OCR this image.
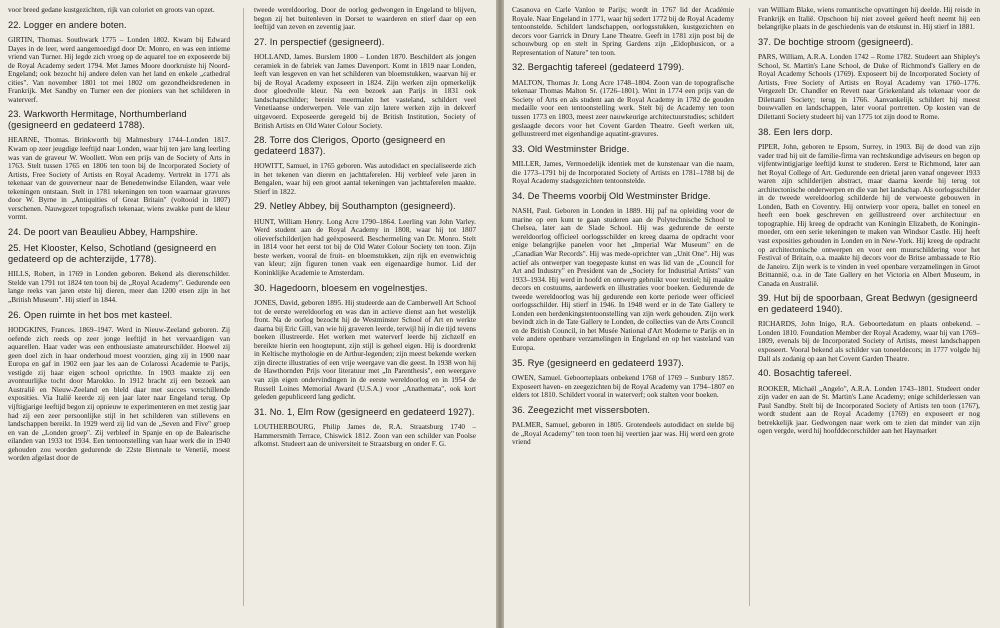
voor breed gedane kustgezichten, rijk van coloriet en groots van opzet.

22. Logger en andere boten.

GIRTIN, Thomas. Southwark 1775 – Londen 1802. Kwam bij Edward Dayes in de leer, werd aangemoedigd door Dr. Monro, en was een intieme vriend van Turner. Hij legde zich vroeg op de aquarel toe en exposeerde bij de Royal Academy sedert 1794. Met James Moore doorkruiste hij Noord-Engeland; ook bezocht hij andere delen van het land en enkele „cathedral cities". Van november 1801 tot mei 1802 om gezondheidsredenen in Frankrijk. Met Sandby en Turner een der pioniers van het schilderen in waterverf.

23. Warkworth Hermitage, Northumberland (gesigneerd en gedateerd 1788).

HEARNE, Thomas. Brinkworth bij Malmesbury 1744–Londen 1817. Kwam op zeer jeugdige leeftijd naar Londen, waar hij ten jare lang leerling was van de graveur W. Woollett. Won een prijs van de Society of Arts in 1763. Stelt tussen 1765 en 1806 ten toon bij de Incorporated Society of Artists, Free Society of Artists en Royal Academy. Vertrekt in 1771 als tekenaar van de gouverneur naar de Benedenwindse Eilanden, waar vele tekeningen ontstaan. Stelt in 1781 tekeningen ten toon waarnaar gravures door W. Byrne in „Antiquities of Great Britain" (voltooid in 1807) verschenen. Nauwgezet topografisch tekenaar, wiens zwakke punt de kleur vormt.

24. De poort van Beaulieu Abbey, Hampshire.
25. Het Klooster, Kelso, Schotland (gesigneerd en gedateerd op de achterzijde, 1778).

HILLS, Robert, in 1769 in Londen geboren. Bekend als dierenschilder. Stelde van 1791 tot 1824 ten toon bij de „Royal Academy". Gedurende een lange reeks van jaren etste hij dieren, meer dan 1200 etsen zijn in het „British Museum". Hij stierf in 1844.

26. Open ruimte in het bos met kasteel.

HODGKINS, Frances. 1869–1947. Werd in Nieuw-Zeeland geboren. Zij oefende zich reeds op zeer jonge leeftijd in het vervaardigen van aquarellen. Haar vader was een enthousiaste amateurschilder. Hoewel zij geen doel zich in haar onderhoud moest voorzien, ging zij in 1900 naar Europa en gaf in 1902 een jaar les aan de Colarossi Academie te Parijs, vestigde zij haar eigen school opricthte. In 1903 maakte zij een avontuurlijke tocht door Marokko. In 1912 bracht zij een bezoek aan Australië en Nieuw-Zeeland en bleld daar met succes verschillende exposities. Via Italië keerde zij een jaar later naar Engeland terug. Op vijftigjarige leeftijd begon zij opnieuw te experimenteren en met zestig jaar had zij een zeer persoonlijke stijl in het schilderen van stillevens en landschappen bereikt. In 1929 werd zij lid van de „Seven and Five" groep en van de „Londen groep". Zij verbleef in Spanje en op de Balearische eilanden van 1933 tot 1934. Een tentoonstelling van haar werk die in 1940 gehouden zou worden gedurende de 22ste Biennale te Venetië, moest worden afgelast door de

tweede wereldoorlog. Door de oorlog gedwongen in Engeland te blijven, begon zij het buitenleven in Dorset te waarderen en stierf daar op een leeftijd van zeven en zeventig jaar.

27. In perspectief (gesigneerd).

HOLLAND, James. Burslem 1800 – Londen 1870. Beschildert als jongen ceramiek in de fabriek van James Davenport. Komt in 1819 naar Londen, leeft van lesgeven en van het schilderen van bloemstukken, waarvan hij er bij de Royal Academy exposeert in 1824. Zijn werken zijn opmerkelijk door gloedvolle kleur. Na een bezoek aan Parijs in 1831 ook landschapschilder; bereist meermalen het vasteland, schildert veel Venetiaanse onderwerpen. Vele van zijn latere werken zijn in dekverf uitgevoerd. Exposeerde geregeld bij de British Institution, Society of British Artists en Old Water Colour Society.

28. Torre dos Clerigos, Oporto (gesigneerd en gedateerd 1837).

HOWITT, Samuel, in 1765 geboren. Was autodidact en specialiseerde zich in het tekenen van dieren en jachttaferelen. Hij verbleef vele jaren in Bengalen, waar hij een groot aantal tekeningen van jachttaferelen maakte. Stierf in 1822.

29. Netley Abbey, bij Southampton (gesigneerd).

HUNT, William Henry. Long Acre 1790–1864. Leerling van John Varley. Werd student aan de Royal Academy in 1808, waar hij tot 1807 olieverfschilderijen had geëxposeerd. Beschermeling van Dr. Monro. Stelt in 1814 voor het eerst tot bij de Old Water Colour Society ten toon. Zijn beste werken, vooral de fruit- en bloemstukken, zijn rijk en evenwichtig van kleur; zijn figuren tonen vaak een eigenaardige humor. Lid der Koninklijke Academie te Amsterdam.

30. Hagedoorn, bloesem en vogelnestjes.

JONES, David, geboren 1895. Hij studeerde aan de Camberwell Art School tot de eerste wereldoorlog en was dan in actieve dienst aan het westelijk front. Na de oorlog bezocht hij de Westminster School of Art en werkte daarna bij Eric Gill, van wie hij graveren leerde, terwijl hij in die tijd tevens boeken illustreerde. Het werken met waterverf leerde hij zichzelf en bereikte hierin een hoogtepunt, zijn stijl is geheel eigen. Hij is doordrenkt in Keltische mythologie en de Arthur-legenden; zijn meest bekende werken zijn directe illustraties of een vrije weergave van die geest. In 1938 won hij de Hawthornden Prijs voor literatuur met „In Parenthesis", een weergave van zijn eigen ondervindingen in de eerste wereldoorlog en in 1954 de Russell Loines Memorial Award (U.S.A.) voor „Anathemata", ook kort geleden gepubliceerd lang gedicht.

31. No. 1, Elm Row (gesigneerd en gedateerd 1927).

LOUTHERBOURG, Philip James de, R.A. Straatsburg 1740 – Hammersmith Terrace, Chiswick 1812. Zoon van een schilder van Poolse afkomst. Studeert aan de universiteit te Straatsburg en onder F. G.

Casanova en Carle Vanloo te Parijs; wordt in 1767 lid der Académie Royale. Naar Engeland in 1771, waar hij sedert 1772 bij de Royal Academy tentoonstelde. Schildert landschappen, oorlogsstukken, kustgezichten en decors voor Garrick in Drury Lane Theatre. Geeft in 1781 zijn post bij de schouwburg op en stelt in Spring Gardens zijn „Eidophusicon, or a Representation of Nature" ten toon.

32. Bergachtig tafereel (gedateerd 1799).

MALTON, Thomas Jr. Long Acre 1748–1804. Zoon van de topografische tekenaar Thomas Malton Sr. (1726–1801). Wint in 1774 een prijs van de Society of Arts en als student aan de Royal Academy in 1782 de gouden medaille voor een tentoonstelling werk. Stelt bij de Academy ten toon tussen 1773 en 1803, meest zeer nauwkeurige architectuurstudies; schildert geslaagde decors voor het Covent Garden Theatre. Geeft werken uit, gelluustreerd met eigenhandige aquatint-gravures.

33. Old Westminster Bridge.

MILLER, James, Vermoedelijk identiek met de kunstenaar van die naam, die 1773–1791 bij de Incorporated Society of Artists en 1781–1788 bij de Royal Academy stadsgezichten tentoonstelde.

34. De Theems voorbij Old Westminster Bridge.

NASH, Paul. Geboren in Londen in 1889. Hij paf na opleiding voor de marine op een kunt te gaan studeren aan de Polytechnische School te Chelsea, later aan de Slade School. Hij was gedurende de eerste wereldoorlog officieel oorlogsschilder en kreeg daarna de opdracht voor enige belangrijke panelen voor het „Imperial War Museum" en de „Canadian War Records". Hij was mede-oprichter van „Unit One". Hij was actief als ontwerper van toegepaste kunst en was lid van de „Council for Art and Industry" en President van de „Society for Industrial Artists" van 1933–1934. Hij werd in hoofd en ontwerp gebruikt voor textiel; hij maakte decors en costuums, aardewerk en illustraties voor boeken. Gedurende de tweede wereldoorlog was hij gedurende een korte periode weer officieel oorlogsschilder. Hij stierf in 1946. In 1948 werd er in de Tate Gallery te Londen een herdenkingstentoonstelling van zijn werk gehouden. Zijn werk bevindt zich in de Tate Gallery te Londen, de collecties van de Arts Council en de British Council, in het Musée National d'Art Moderne te Parijs en in vele andere openbare verzamelingen in Engeland en op het vasteland van Europa.

35. Rye (gesigneerd en gedateerd 1937).

OWEN, Samuel. Geboorteplaats onbekend 1768 of 1769 – Sunbury 1857. Exposeert haven- en zeegezichten bij de Royal Academy van 1794–1807 en elders tot 1810. Schildert vooral in waterverf; ook stalten voor boeken.

36. Zeegezicht met vissersboten.

PALMER, Samuel, geboren in 1805. Grotendeels autodidact en stelde bij de „Royal Academy" ten toon toen hij veertien jaar was. Hij werd een grote vriend

van William Blake, wiens romantische opvattingen hij deelde. Hij reisde in Frankrijk en Italië. Opschoon hij niet zoveel geëerd heeft neemt hij een belangrijke plaats in de geschiedenis van de etskunst in. Hij stierf in 1881.

37. De bochtige stroom (gesigneerd).

PARS, William, A.R.A. Londen 1742 – Rome 1782. Studeert aan Shipley's School, St. Martin's Lane School, de Duke of Richmond's Gallery en de Royal Academy Schools (1769). Exposeert bij de Incorporated Society of Artists, Free Society of Artists en Royal Academy van 1760–1776. Vergezelt Dr. Chandler en Revett naar Griekenland als tekenaar voor de Dilettanti Society; terug in 1766. Aanvankelijk schildert hij meest bouwvallen en landschappen, later vooral portretten. Op kosten van de Dilettanti Society studeert hij van 1775 tot zijn dood te Rome.

38. Een Iers dorp.

PIPER, John, geboren te Epsom, Surrey, in 1903. Bij de dood van zijn vader trad hij uit de familie-firma van rechtskundige adviseurs en begon op vijfentwintigjarige leeftijd kunst te studeren. Eerst te Richmond, later aan het Royal College of Art. Gedurende een drietal jaren vanaf ongeveer 1933 waren zijn schilderijen abstract, maar daarna keerde hij terug tot architectonische onderwerpen en die van het landschap. Als oorlogsschilder in de tweede wereldoorlog schilderde hij de verwoeste gebouwen in Londen, Bath en Coventry. Hij ontwierp voor opera, ballet en toneel en heeft een boek geschreven en geïllustreerd over architectuur en topographie. Hij kreeg de opdracht van Koningin Elizabeth, de Koningin-moeder, om een serie tekeningen te maken van Windsor Castle. Hij heeft vast exposities gehouden in Londen en in New-York. Hij kreeg de opdracht op architectonische ontwerpen en voor een muurschildering voor het Festival of Britain, o.a. maakte hij decors voor de Britse ambassade te Rio de Janeiro. Zijn werk is te vinden in veel openbare verzamelingen in Groot Brittannië, o.a. in de Tate Gallery en het Victoria en Albert Museum, in Canada en Australië.

39. Hut bij de spoorbaan, Great Bedwyn (gesigneerd en gedateerd 1940).

RICHARDS, John Inigo, R.A. Geboortedatum en plaats onbekend. – Londen 1810. Foundation Member der Royal Academy, waar hij van 1769–1809, evenals bij de Incorporated Society of Artists, meest landschappen exposeert. Vooral bekend als schilder van toneeldecors; in 1777 volgde hij Dall als zodanig op aan het Covent Garden Theatre.

40. Bosachtig tafereel.

ROOKER, Michaël „Angelo", A.R.A. Londen 1743–1801. Studeert onder zijn vader en aan de St. Martin's Lane Academy; enige schilderlessen van Paul Sandby. Stelt bij de Incorporated Society of Artists ten toon (1767), wordt student aan de Royal Academy (1769) en exposeert er nog betrekkelijk jaar. Gedwongen naar werk om te zien dat minder van zijn ogen vergde, werd hij hoofddecorschilder aan het Haymarket
